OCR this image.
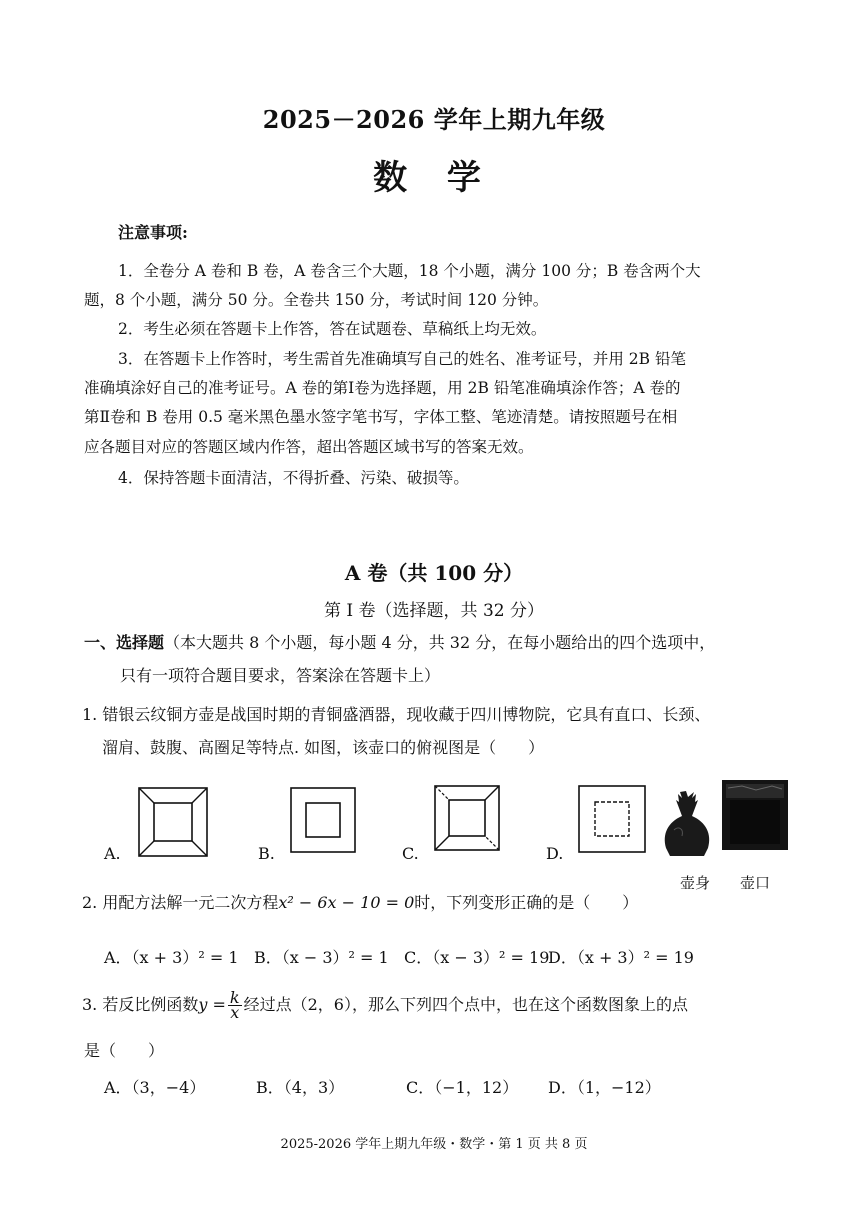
2025－2026 学年上期九年级
数 学
注意事项:
1．全卷分 A 卷和 B 卷，A 卷含三个大题，18 个小题，满分 100 分；B 卷含两个大
题，8 个小题，满分 50 分。全卷共 150 分，考试时间 120 分钟。
2．考生必须在答题卡上作答，答在试题卷、草稿纸上均无效。
3．在答题卡上作答时，考生需首先准确填写自己的姓名、准考证号，并用 2B 铅笔
准确填涂好自己的准考证号。A 卷的第Ⅰ卷为选择题，用 2B 铅笔准确填涂作答；A 卷的
第Ⅱ卷和 B 卷用 0.5 毫米黑色墨水签字笔书写，字体工整、笔迹清楚。请按照题号在相
应各题目对应的答题区域内作答，超出答题区域书写的答案无效。
4．保持答题卡面清洁，不得折叠、污染、破损等。
A 卷（共 100 分）
第 Ⅰ 卷（选择题，共 32 分）
一、选择题（本大题共 8 个小题，每小题 4 分，共 32 分，在每小题给出的四个选项中，
只有一项符合题目要求，答案涂在答题卡上）
1. 错银云纹铜方壶是战国时期的青铜盛酒器，现收藏于四川博物院，它具有直口、长颈、
溜肩、鼓腹、高圈足等特点. 如图，该壶口的俯视图是（　　）
A.	B.	C.	D.
壶身 壶口
2. 用配方法解一元二次方程x² − 6x − 10 = 0时，下列变形正确的是（　　）
A．（x + 3）² = 1 B．（x − 3）² = 1 C．（x − 3）² = 19
D．（x + 3）² = 19
3. 若反比例函数$y = \frac{k}{x}$ 经过点（2，6），那么下列四个点中，也在这个函数图象上的点
是（　　）
A．（3，−4）	B．（4，3）	C．（−1，12） D．（1，−12）
2025-2026 学年上期九年级・数学・第 1 页 共 8 页
